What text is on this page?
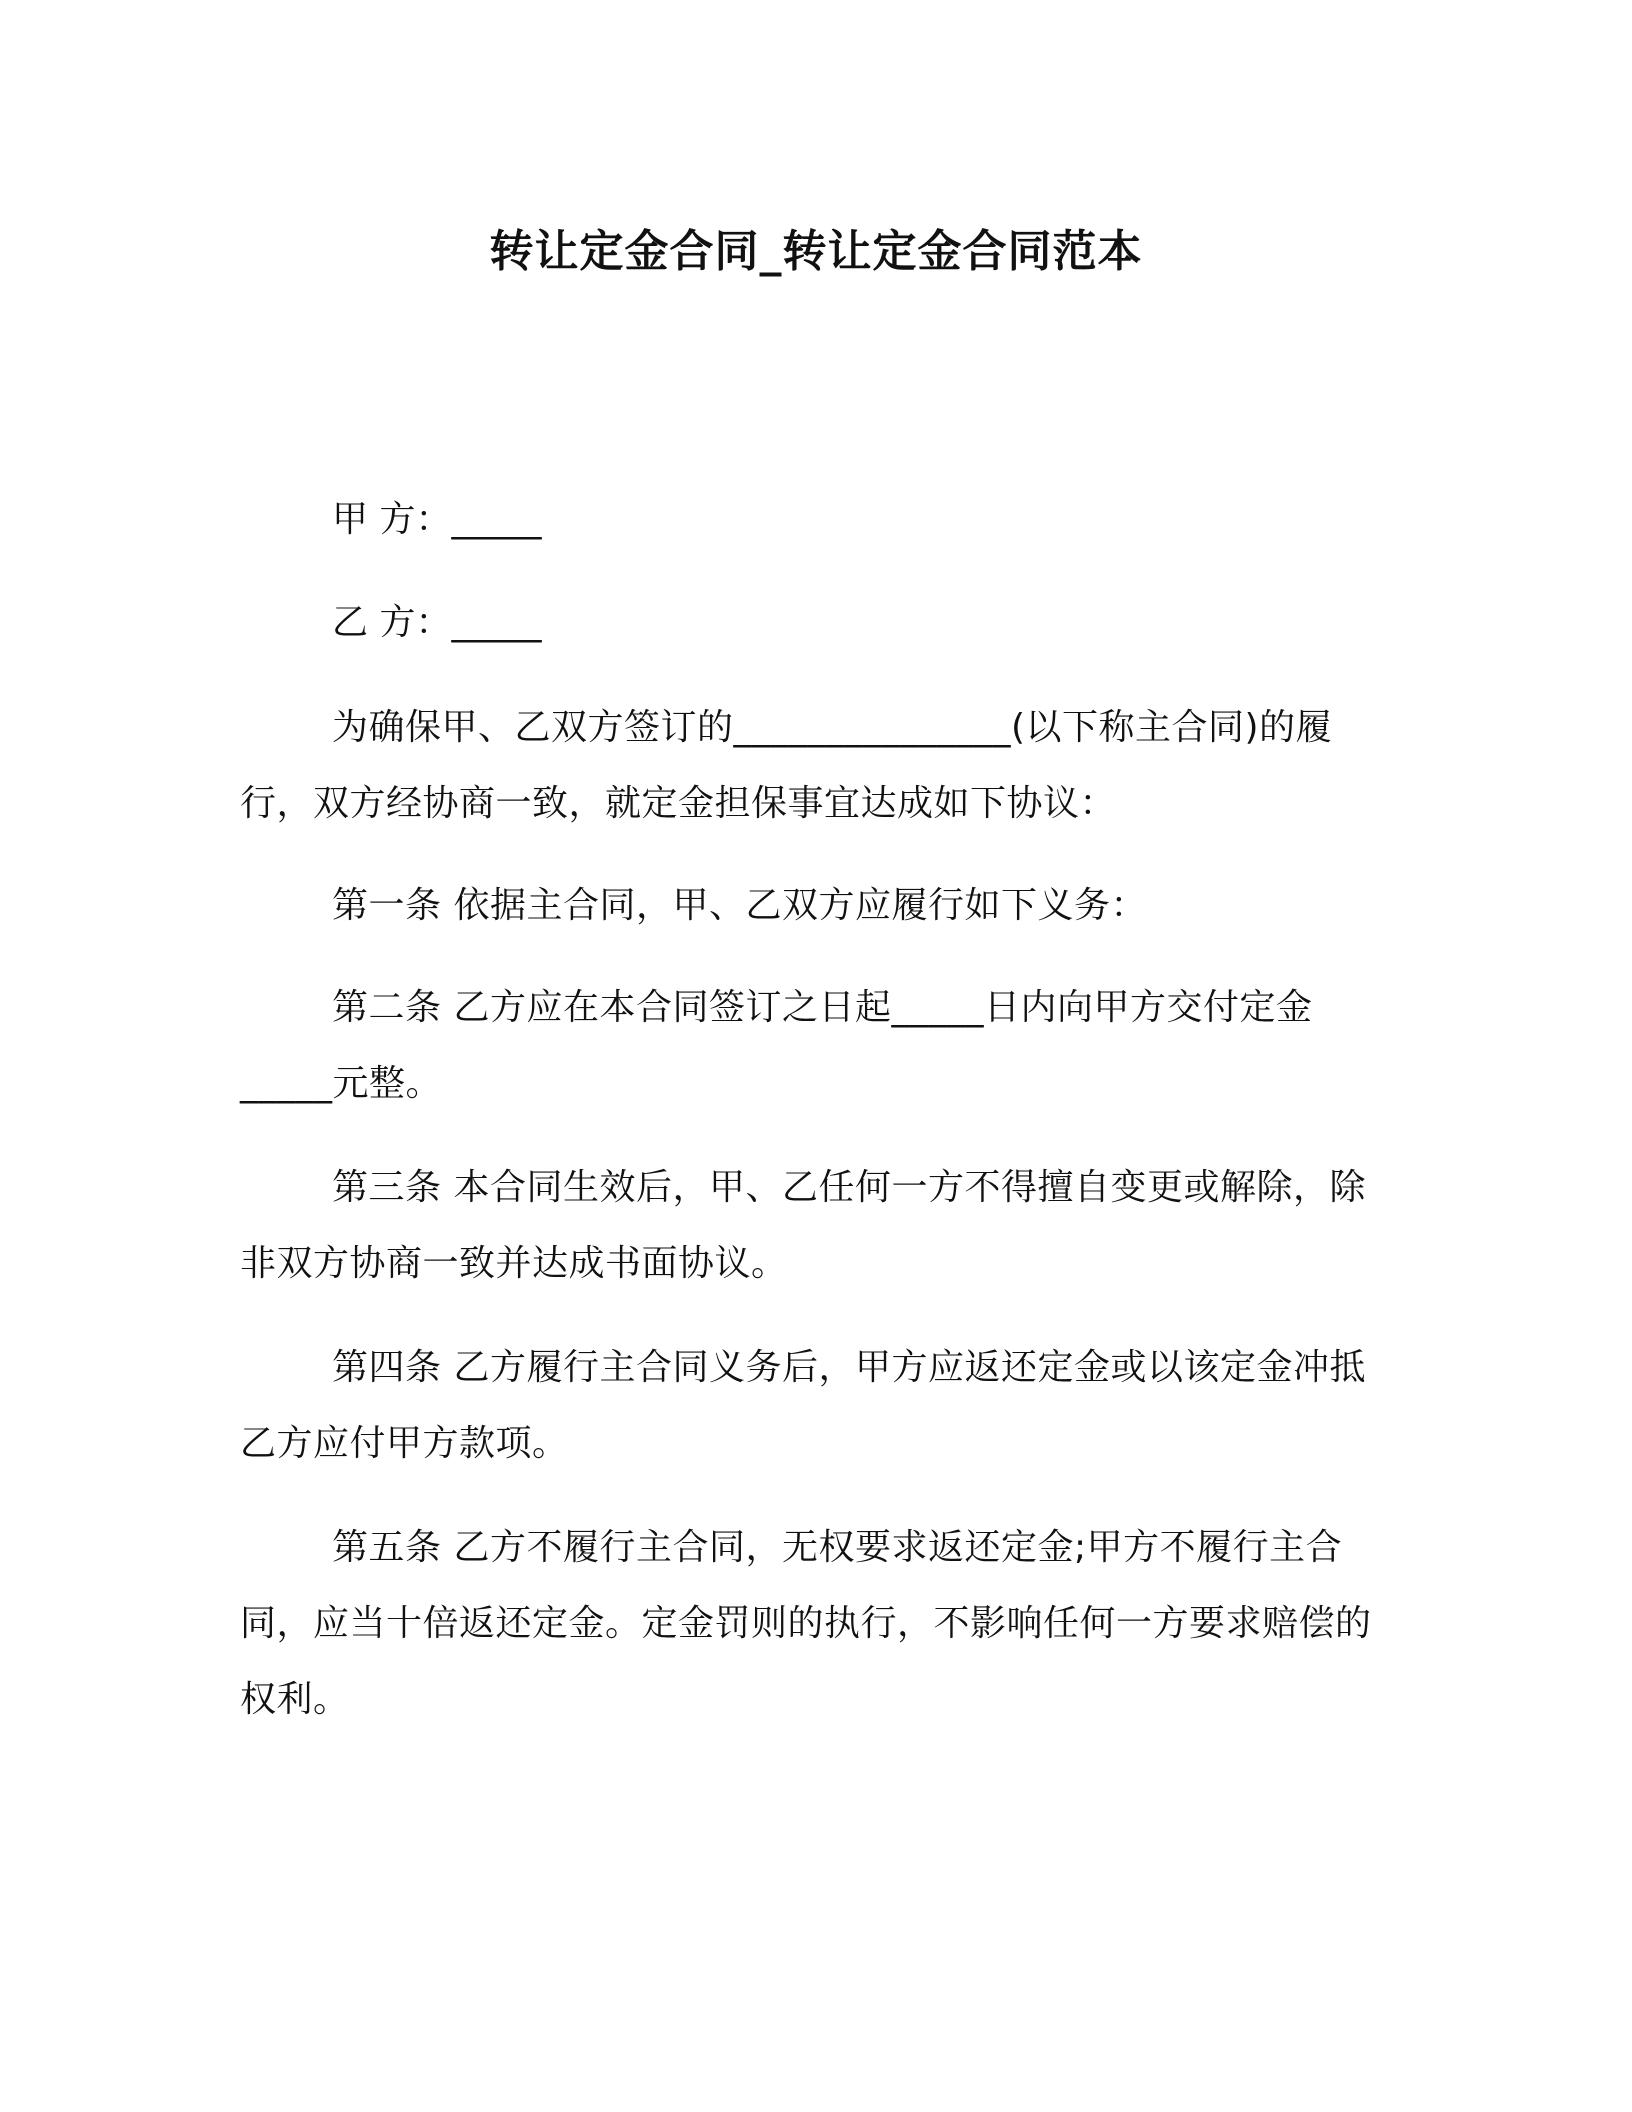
转让定金合同_转让定金合同范本

甲 方：_____

乙 方：_____

为确保甲、乙双方签订的_______________(以下称主合同)的履行，双方经协商一致，就定金担保事宜达成如下协议：

第一条 依据主合同，甲、乙双方应履行如下义务：

第二条 乙方应在本合同签订之日起_____日内向甲方交付定金_____元整。

第三条 本合同生效后，甲、乙任何一方不得擅自变更或解除，除非双方协商一致并达成书面协议。

第四条 乙方履行主合同义务后，甲方应返还定金或以该定金冲抵乙方应付甲方款项。

第五条 乙方不履行主合同，无权要求返还定金;甲方不履行主合同，应当十倍返还定金。定金罚则的执行，不影响任何一方要求赔偿的权利。
